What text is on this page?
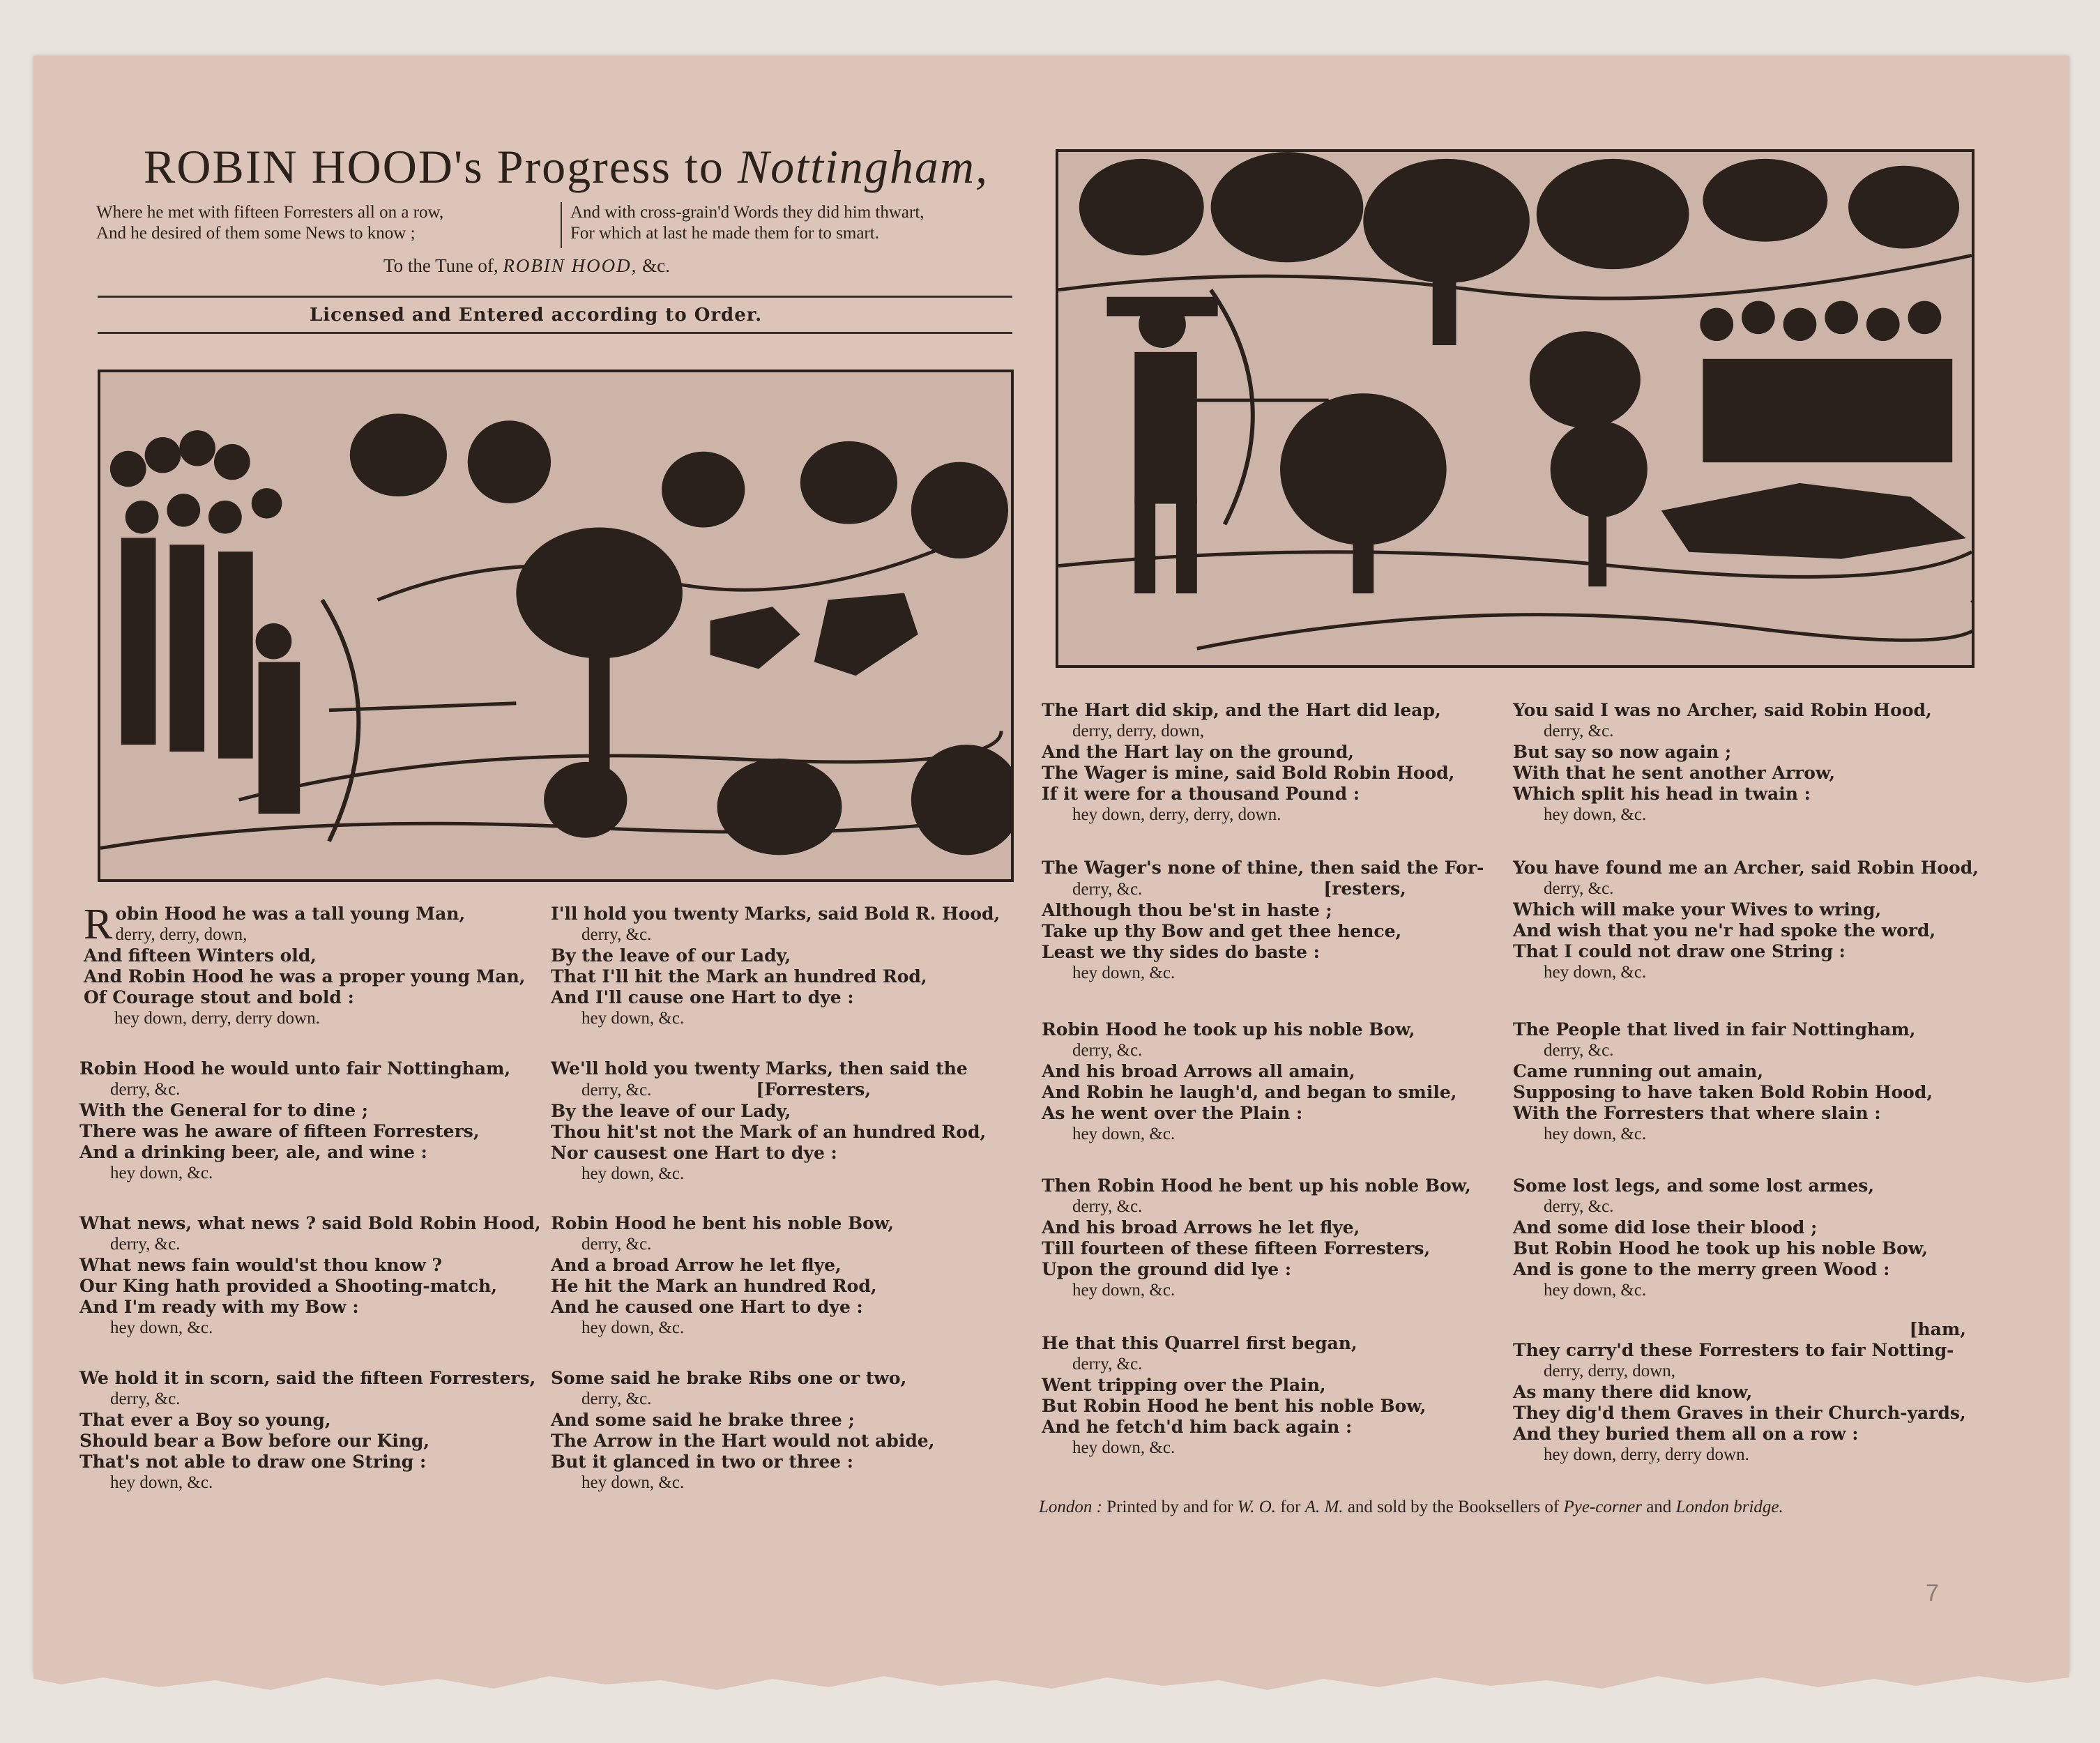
ROBIN HOOD's Progress to Nottingham,
Where he met with fifteen Forresters all on a row,
And he desired of them some News to know ;
And with cross-grain'd Words they did him thwart,
For which at last he made them for to smart.
To the Tune of, ROBIN HOOD, &c.
Licensed and Entered according to Order.
R obin Hood he was a tall young Man,
derry, derry, down,
And fifteen Winters old,
And Robin Hood he was a proper young Man,
Of Courage stout and bold :
hey down, derry, derry down.
Robin Hood he would unto fair Nottingham,
derry, &c.
With the General for to dine ;
There was he aware of fifteen Forresters,
And a drinking beer, ale, and wine :
hey down, &c.
What news, what news ? said Bold Robin Hood,
derry, &c.
What news fain would'st thou know ?
Our King hath provided a Shooting-match,
And I'm ready with my Bow :
hey down, &c.
We hold it in scorn, said the fifteen Forresters,
derry, &c.
That ever a Boy so young,
Should bear a Bow before our King,
That's not able to draw one String :
hey down, &c.
I'll hold you twenty Marks, said Bold R. Hood,
derry, &c.
By the leave of our Lady,
That I'll hit the Mark an hundred Rod,
And I'll cause one Hart to dye :
hey down, &c.
We'll hold you twenty Marks, then said the
derry, &c.	[Forresters,
By the leave of our Lady,
Thou hit'st not the Mark of an hundred Rod,
Nor causest one Hart to dye :
hey down, &c.
Robin Hood he bent his noble Bow,
derry, &c.
And a broad Arrow he let flye,
He hit the Mark an hundred Rod,
And he caused one Hart to dye :
hey down, &c.
Some said he brake Ribs one or two,
derry, &c.
And some said he brake three ;
The Arrow in the Hart would not abide,
But it glanced in two or three :
hey down, &c.
The Hart did skip, and the Hart did leap,
derry, derry, down,
And the Hart lay on the ground,
The Wager is mine, said Bold Robin Hood,
If it were for a thousand Pound :
hey down, derry, derry, down.
The Wager's none of thine, then said the For-
derry, &c.	[resters,
Although thou be'st in haste ;
Take up thy Bow and get thee hence,
Least we thy sides do baste :
hey down, &c.
Robin Hood he took up his noble Bow,
derry, &c.
And his broad Arrows all amain,
And Robin he laugh'd, and began to smile,
As he went over the Plain :
hey down, &c.
Then Robin Hood he bent up his noble Bow,
derry, &c.
And his broad Arrows he let flye,
Till fourteen of these fifteen Forresters,
Upon the ground did lye :
hey down, &c.
He that this Quarrel first began,
derry, &c.
Went tripping over the Plain,
But Robin Hood he bent his noble Bow,
And he fetch'd him back again :
hey down, &c.
You said I was no Archer, said Robin Hood,
derry, &c.
But say so now again ;
With that he sent another Arrow,
Which split his head in twain :
hey down, &c.
You have found me an Archer, said Robin Hood,
derry, &c.
Which will make your Wives to wring,
And wish that you ne'r had spoke the word,
That I could not draw one String :
hey down, &c.
The People that lived in fair Nottingham,
derry, &c.
Came running out amain,
Supposing to have taken Bold Robin Hood,
With the Forresters that where slain :
hey down, &c.
Some lost legs, and some lost armes,
derry, &c.
And some did lose their blood ;
But Robin Hood he took up his noble Bow,
And is gone to the merry green Wood :
hey down, &c.
[ham,
They carry'd these Forresters to fair Notting-
derry, derry, down,
As many there did know,
They dig'd them Graves in their Church-yards,
And they buried them all on a row :
hey down, derry, derry down.
London : Printed by and for W. O. for A. M. and sold by the Booksellers of Pye-corner and London bridge.
7
